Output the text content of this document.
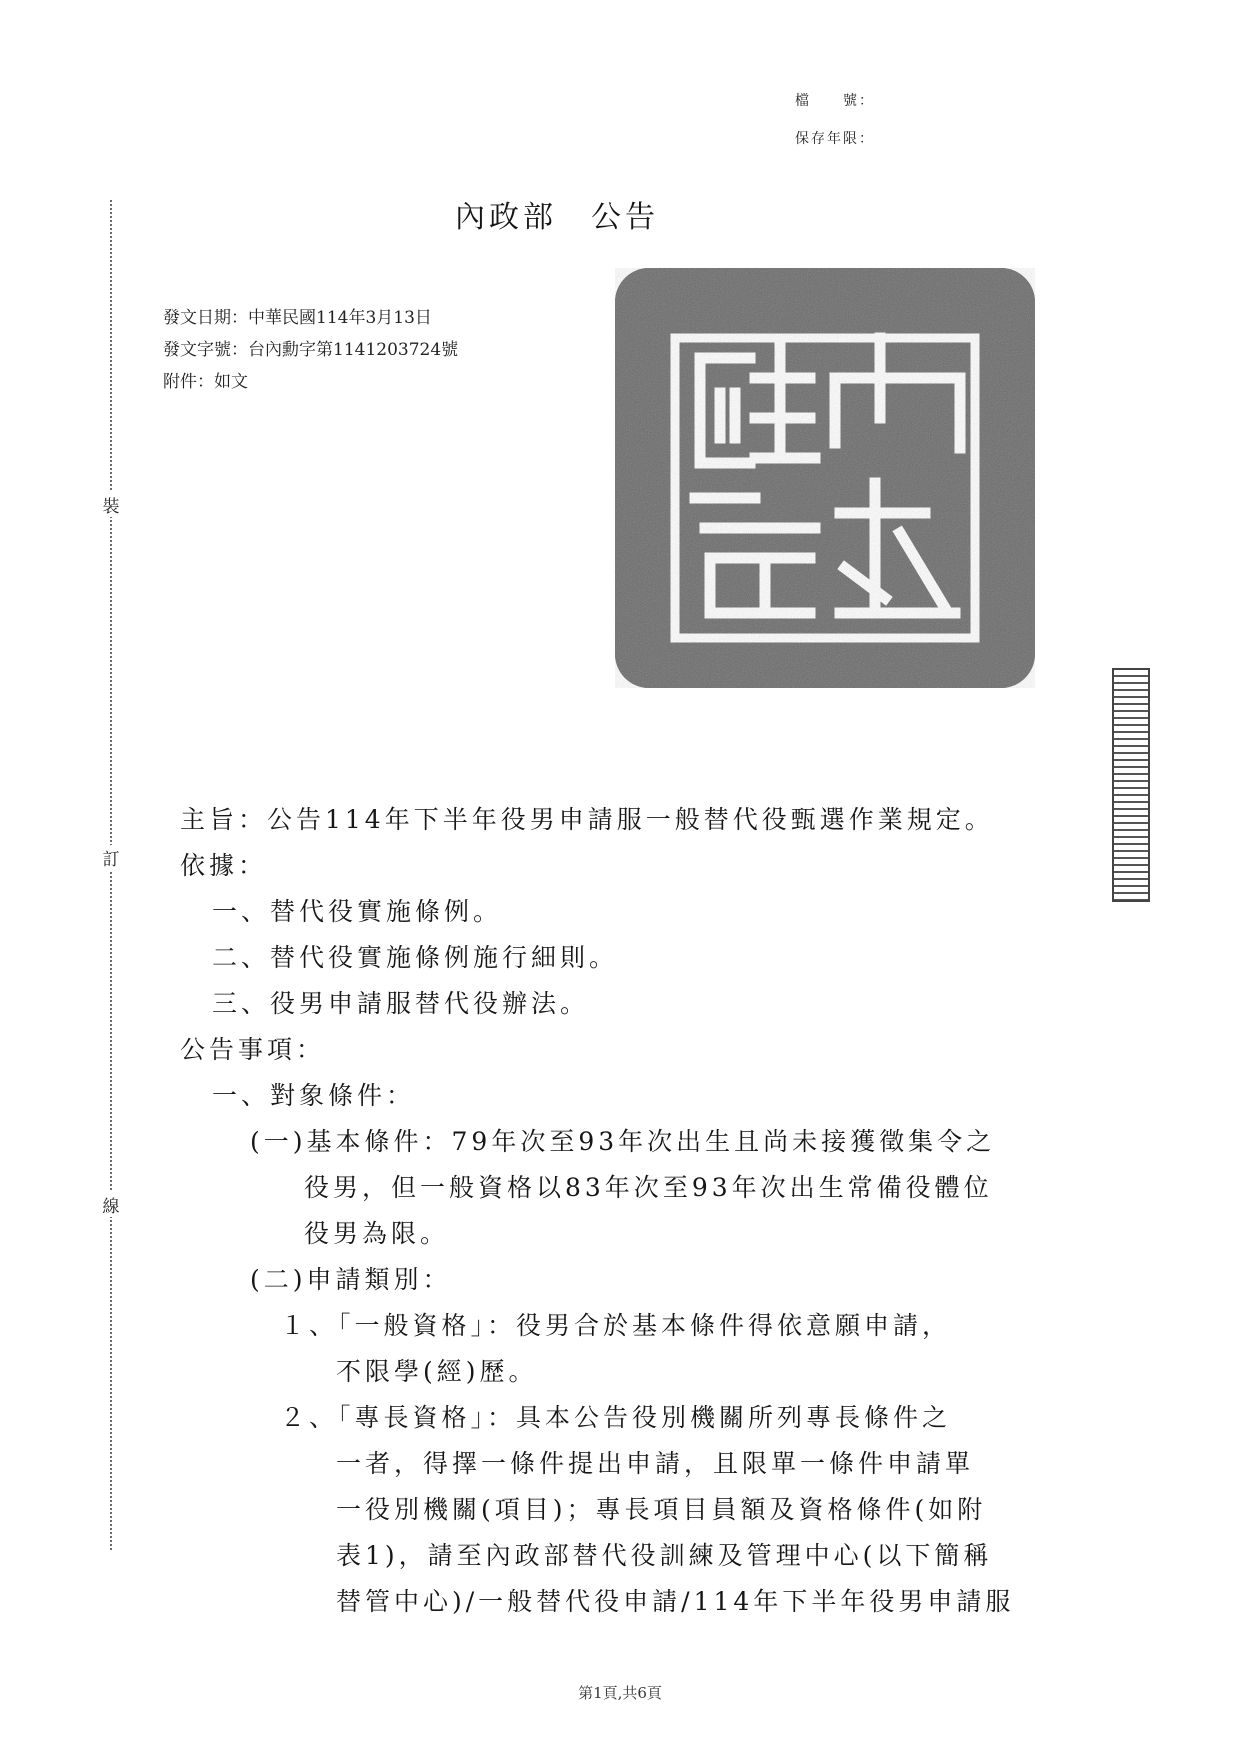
檔　　號：
保存年限：
裝
訂
線
內政部　公告
發文日期：中華民國114年3月13日
發文字號：台內勳字第1141203724號
附件：如文
主旨：公告114年下半年役男申請服一般替代役甄選作業規定。
依據：
一、替代役實施條例。
二、替代役實施條例施行細則。
三、役男申請服替代役辦法。
公告事項：
一、對象條件：
(一)基本條件：79年次至93年次出生且尚未接獲徵集令之
役男，但一般資格以83年次至93年次出生常備役體位
役男為限。
(二)申請類別：
１、「一般資格」：役男合於基本條件得依意願申請，
不限學(經)歷。
２、「專長資格」：具本公告役別機關所列專長條件之
一者，得擇一條件提出申請，且限單一條件申請單
一役別機關(項目)；專長項目員額及資格條件(如附
表1)，請至內政部替代役訓練及管理中心(以下簡稱
替管中心)/一般替代役申請/114年下半年役男申請服
第1頁,共6頁
